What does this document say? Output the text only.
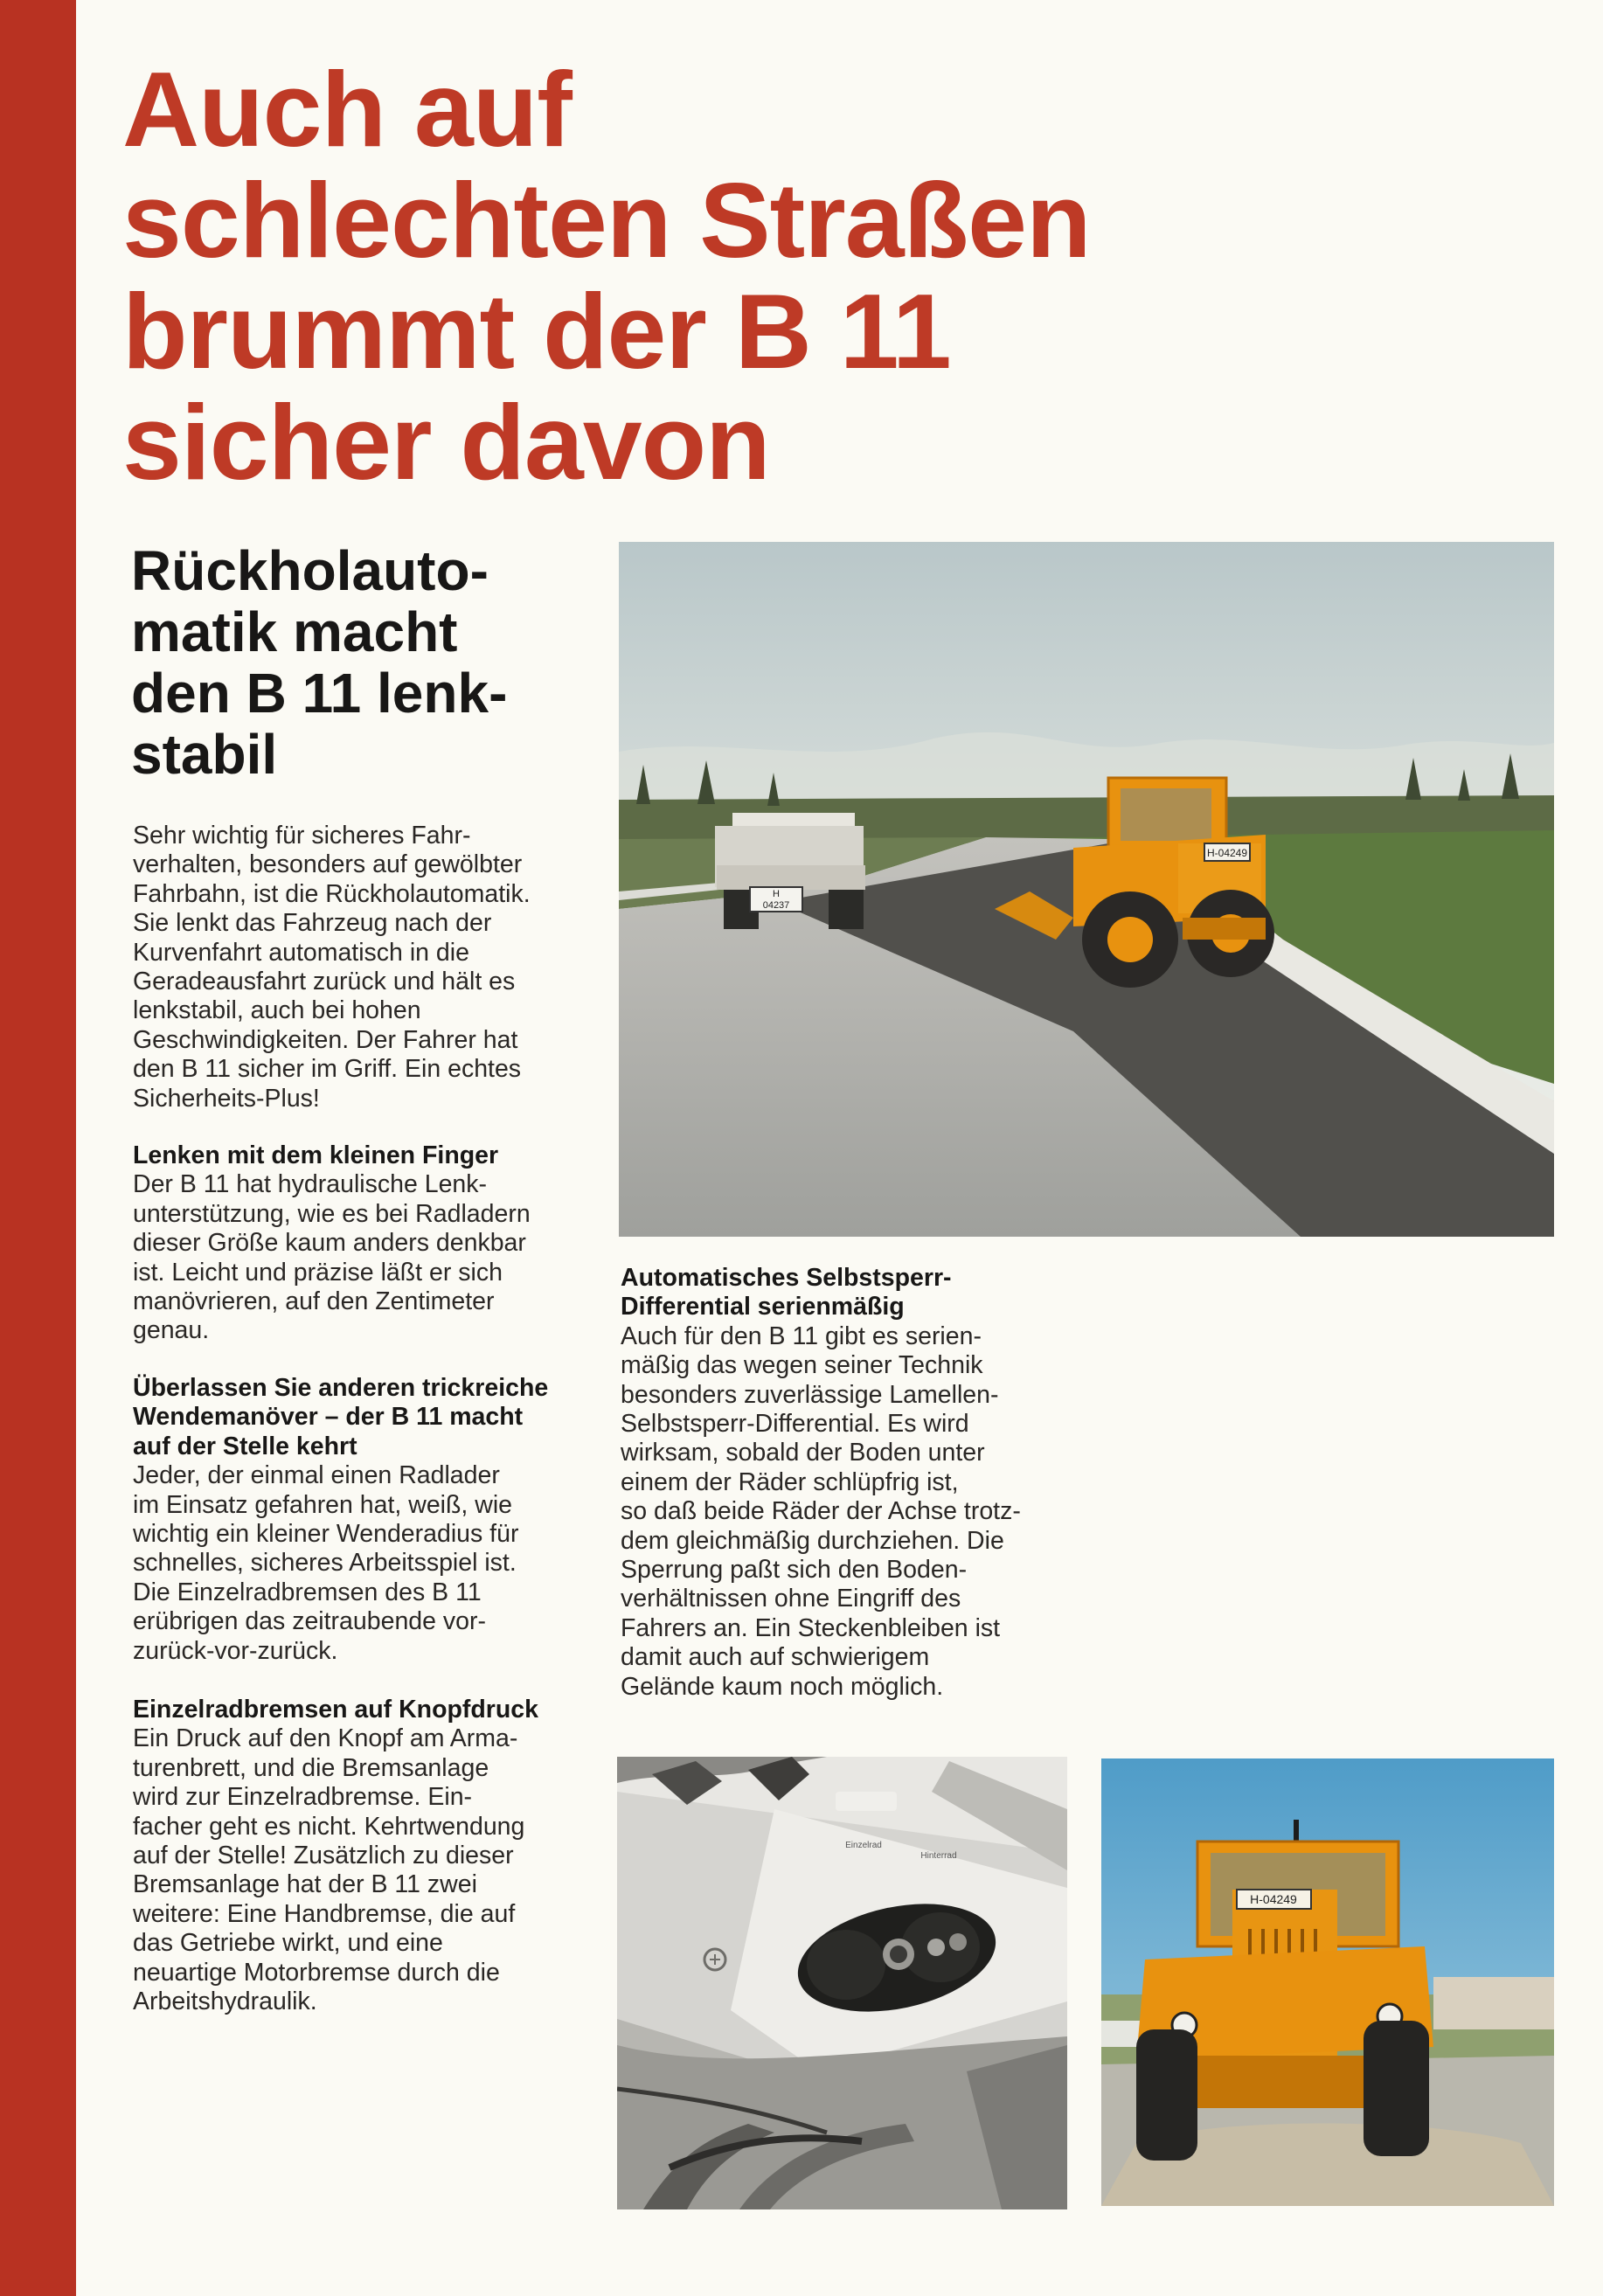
Auch auf
schlechten Straßen
brummt der B 11
sicher davon
Rückholauto-
matik macht
den B 11 lenk-
stabil

Sehr wichtig für sicheres Fahr-
verhalten, besonders auf gewölbter
Fahrbahn, ist die Rückholautomatik.
Sie lenkt das Fahrzeug nach der
Kurvenfahrt automatisch in die
Geradeausfahrt zurück und hält es
lenkstabil, auch bei hohen
Geschwindigkeiten. Der Fahrer hat
den B 11 sicher im Griff. Ein echtes
Sicherheits-Plus!

Lenken mit dem kleinen Finger

Der B 11 hat hydraulische Lenk-
unterstützung, wie es bei Radladern
dieser Größe kaum anders denkbar
ist. Leicht und präzise läßt er sich
manövrieren, auf den Zentimeter
genau.

Überlassen Sie anderen trickreiche
Wendemanöver – der B 11 macht
auf der Stelle kehrt

Jeder, der einmal einen Radlader
im Einsatz gefahren hat, weiß, wie
wichtig ein kleiner Wenderadius für
schnelles, sicheres Arbeitsspiel ist.
Die Einzelradbremsen des B 11
erübrigen das zeitraubende vor-
zurück-vor-zurück.

Einzelradbremsen auf Knopfdruck

Ein Druck auf den Knopf am Arma-
turenbrett, und die Bremsanlage
wird zur Einzelradbremse. Ein-
facher geht es nicht. Kehrtwendung
auf der Stelle! Zusätzlich zu dieser
Bremsanlage hat der B 11 zwei
weitere: Eine Handbremse, die auf
das Getriebe wirkt, und eine
neuartige Motorbremse durch die
Arbeitshydraulik.

Automatisches Selbstsperr-
Differential serienmäßig

Auch für den B 11 gibt es serien-
mäßig das wegen seiner Technik
besonders zuverlässige Lamellen-
Selbstsperr-Differential. Es wird
wirksam, sobald der Boden unter
einem der Räder schlüpfrig ist,
so daß beide Räder der Achse trotz-
dem gleichmäßig durchziehen. Die
Sperrung paßt sich den Boden-
verhältnissen ohne Eingriff des
Fahrers an. Ein Steckenbleiben ist
damit auch auf schwierigem
Gelände kaum noch möglich.

H
04237
H-04249
Einzelrad
Hinterrad
H-04249
